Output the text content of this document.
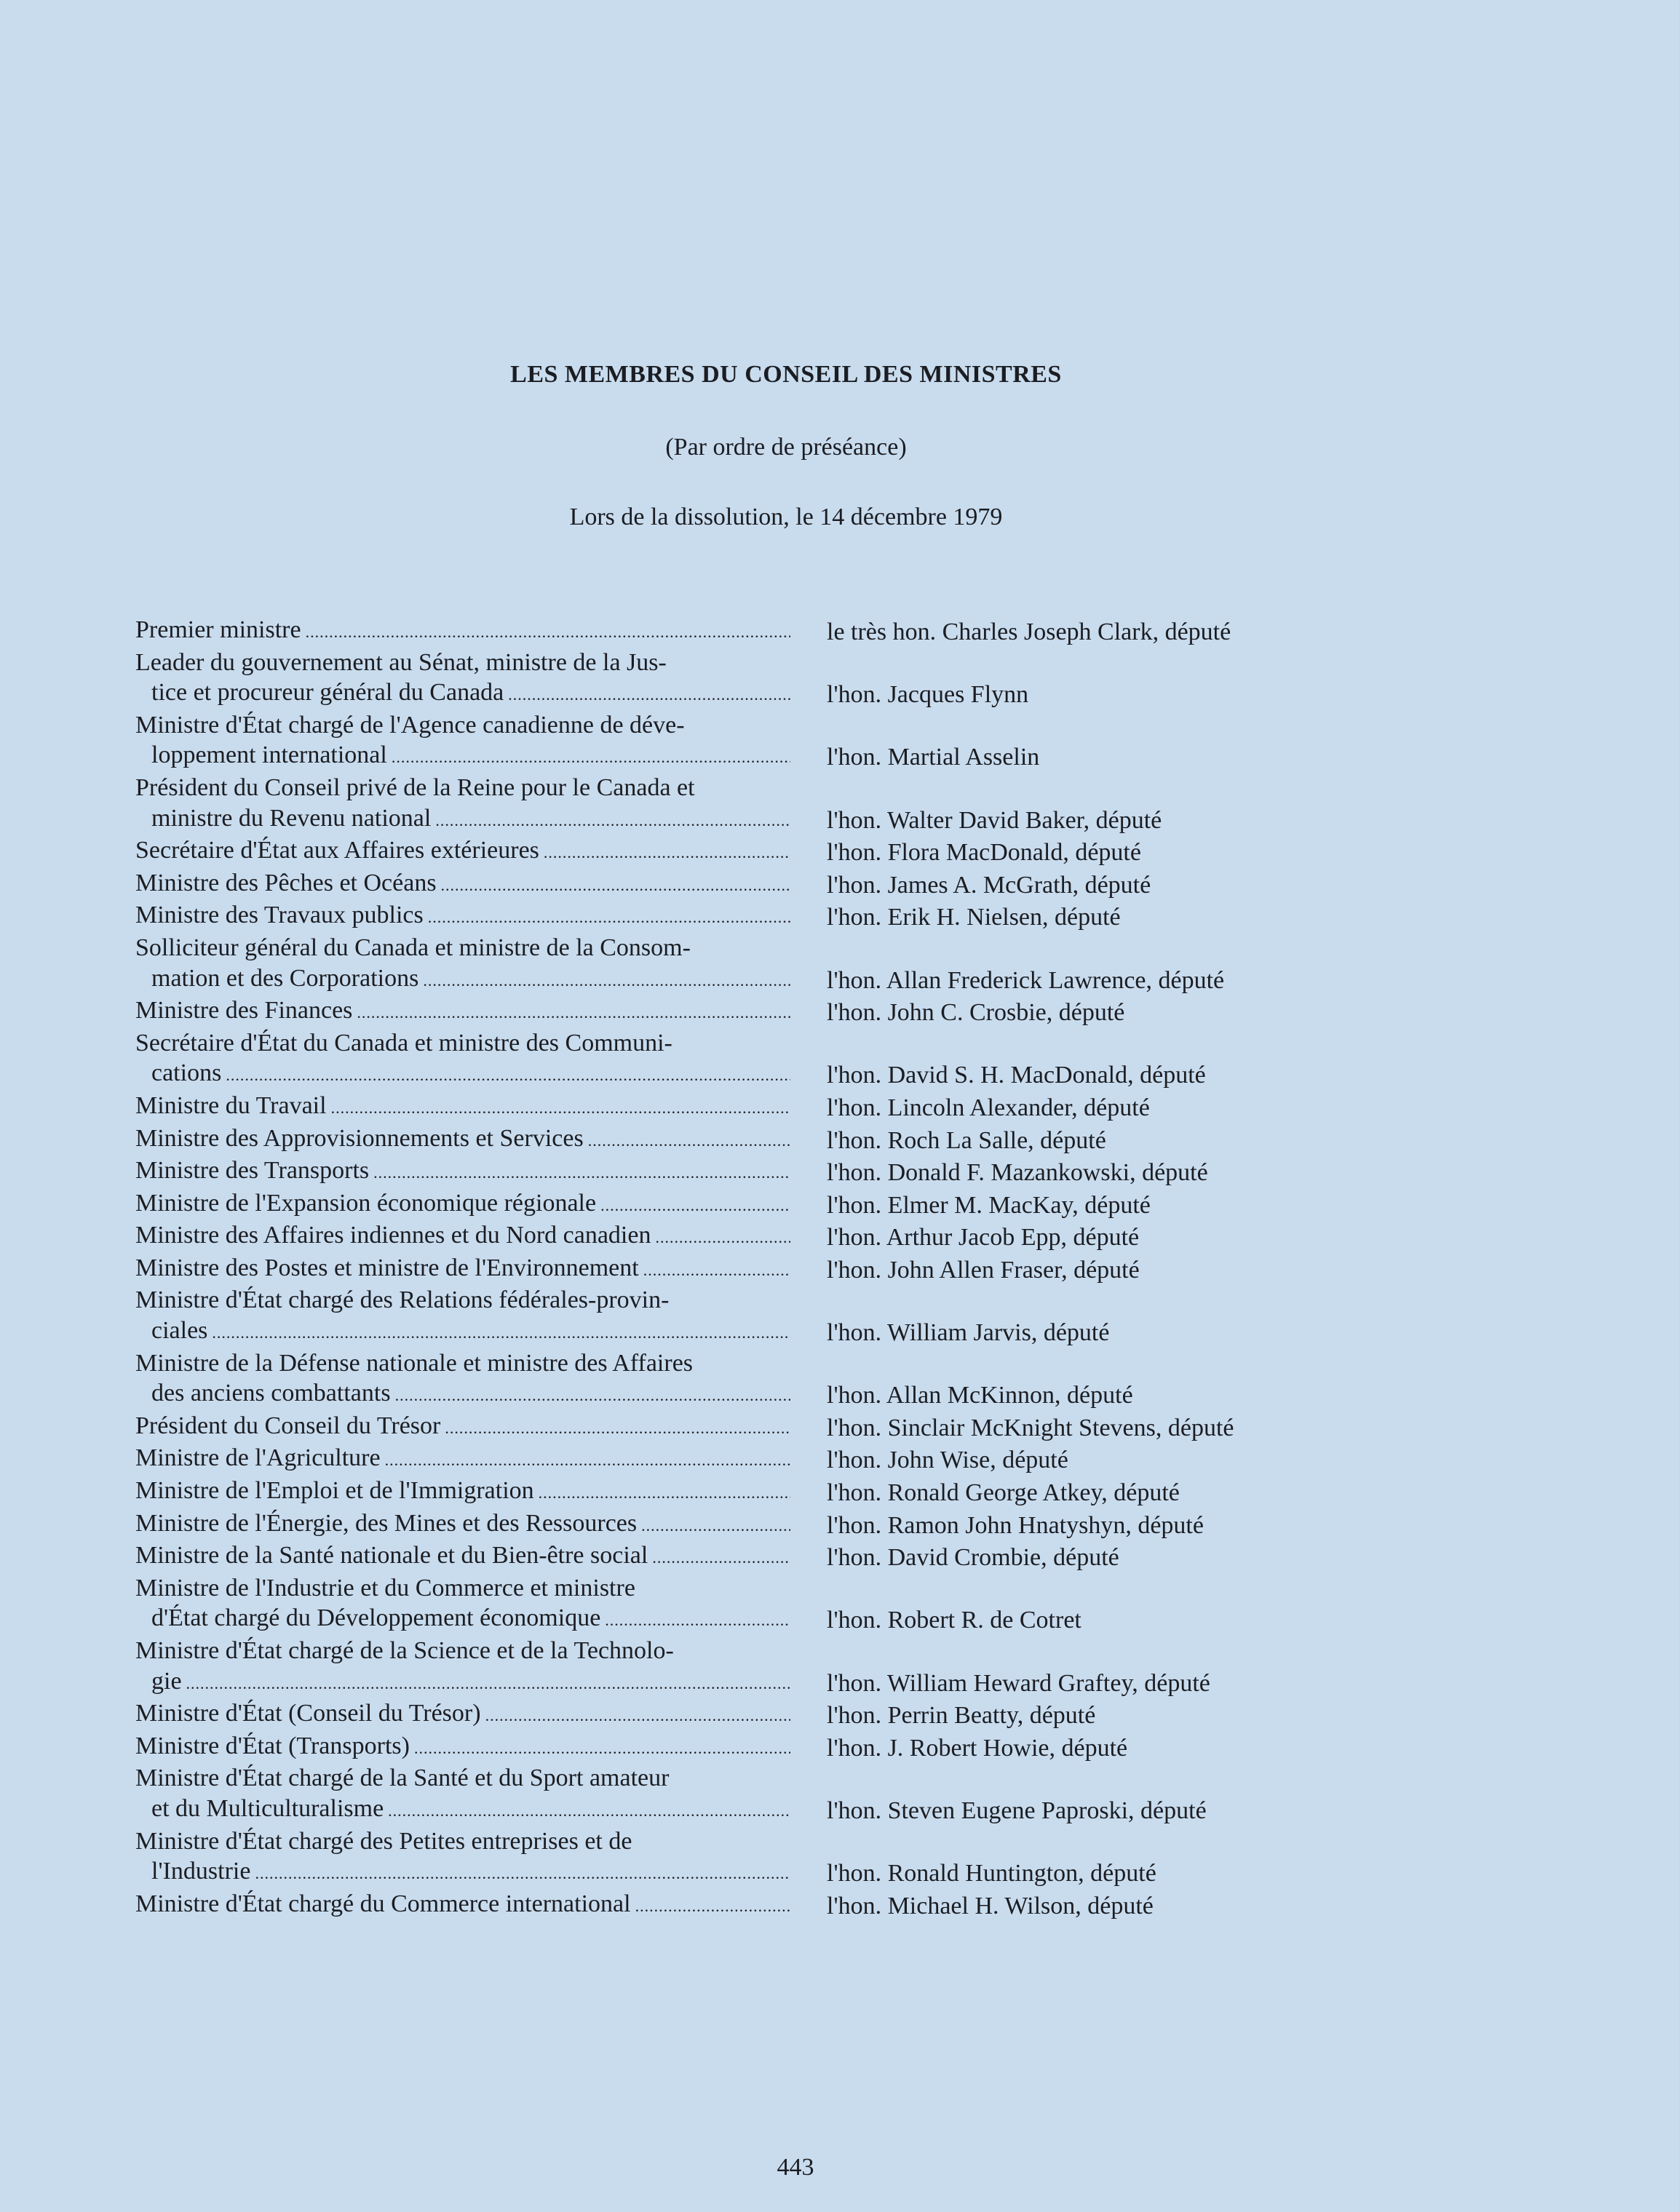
LES MEMBRES DU CONSEIL DES MINISTRES
(Par ordre de préséance)
Lors de la dissolution, le 14 décembre 1979
Premier ministre .....	le très hon. Charles Joseph Clark, député
Leader du gouvernement au Sénat, ministre de la Jus-
tice et procureur général du Canada .....	l'hon. Jacques Flynn
Ministre d'État chargé de l'Agence canadienne de déve-
loppement international .....	l'hon. Martial Asselin
Président du Conseil privé de la Reine pour le Canada et
ministre du Revenu national .....	l'hon. Walter David Baker, député
Secrétaire d'État aux Affaires extérieures .....	l'hon. Flora MacDonald, député
Ministre des Pêches et Océans .....	l'hon. James A. McGrath, député
Ministre des Travaux publics .....	l'hon. Erik H. Nielsen, député
Solliciteur général du Canada et ministre de la Consom-
mation et des Corporations .....	l'hon. Allan Frederick Lawrence, député
Ministre des Finances .....	l'hon. John C. Crosbie, député
Secrétaire d'État du Canada et ministre des Communi-
cations .....	l'hon. David S. H. MacDonald, député
Ministre du Travail .....	l'hon. Lincoln Alexander, député
Ministre des Approvisionnements et Services .....	l'hon. Roch La Salle, député
Ministre des Transports .....	l'hon. Donald F. Mazankowski, député
Ministre de l'Expansion économique régionale .....	l'hon. Elmer M. MacKay, député
Ministre des Affaires indiennes et du Nord canadien .....	l'hon. Arthur Jacob Epp, député
Ministre des Postes et ministre de l'Environnement .....	l'hon. John Allen Fraser, député
Ministre d'État chargé des Relations fédérales-provin-
ciales .....	l'hon. William Jarvis, député
Ministre de la Défense nationale et ministre des Affaires
des anciens combattants .....	l'hon. Allan McKinnon, député
Président du Conseil du Trésor .....	l'hon. Sinclair McKnight Stevens, député
Ministre de l'Agriculture .....	l'hon. John Wise, député
Ministre de l'Emploi et de l'Immigration .....	l'hon. Ronald George Atkey, député
Ministre de l'Énergie, des Mines et des Ressources .....	l'hon. Ramon John Hnatyshyn, député
Ministre de la Santé nationale et du Bien-être social .....	l'hon. David Crombie, député
Ministre de l'Industrie et du Commerce et ministre
d'État chargé du Développement économique .....	l'hon. Robert R. de Cotret
Ministre d'État chargé de la Science et de la Technolo-
gie .....	l'hon. William Heward Graftey, député
Ministre d'État (Conseil du Trésor) .....	l'hon. Perrin Beatty, député
Ministre d'État (Transports) .....	l'hon. J. Robert Howie, député
Ministre d'État chargé de la Santé et du Sport amateur
et du Multiculturalisme .....	l'hon. Steven Eugene Paproski, député
Ministre d'État chargé des Petites entreprises et de
l'Industrie .....	l'hon. Ronald Huntington, député
Ministre d'État chargé du Commerce international .....	l'hon. Michael H. Wilson, député
443
